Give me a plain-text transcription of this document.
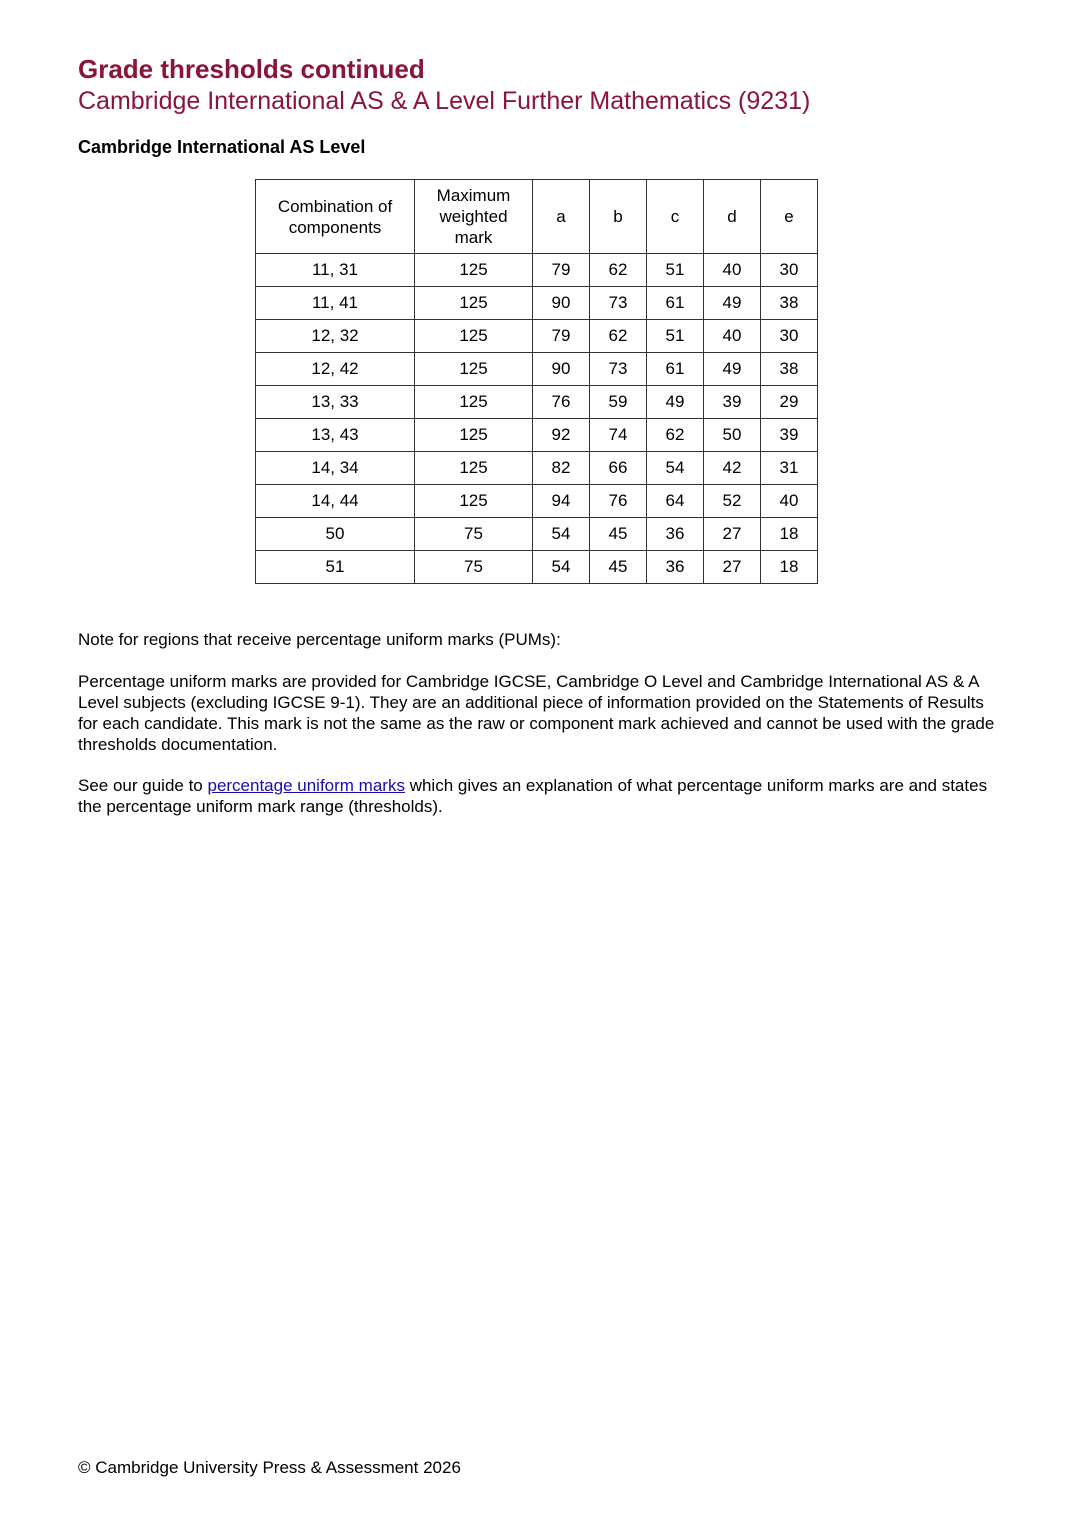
Grade thresholds continued
Cambridge International AS & A Level Further Mathematics (9231)
Cambridge International AS Level
Combination of components	Maximum weighted mark	a	b	c	d	e
11, 31	125	79	62	51	40	30
11, 41	125	90	73	61	49	38
12, 32	125	79	62	51	40	30
12, 42	125	90	73	61	49	38
13, 33	125	76	59	49	39	29
13, 43	125	92	74	62	50	39
14, 34	125	82	66	54	42	31
14, 44	125	94	76	64	52	40
50	75	54	45	36	27	18
51	75	54	45	36	27	18

Note for regions that receive percentage uniform marks (PUMs):

Percentage uniform marks are provided for Cambridge IGCSE, Cambridge O Level and Cambridge International AS & A Level subjects (excluding IGCSE 9-1). They are an additional piece of information provided on the Statements of Results for each candidate. This mark is not the same as the raw or component mark achieved and cannot be used with the grade thresholds documentation.

See our guide to percentage uniform marks which gives an explanation of what percentage uniform marks are and states the percentage uniform mark range (thresholds).

© Cambridge University Press & Assessment 2026
